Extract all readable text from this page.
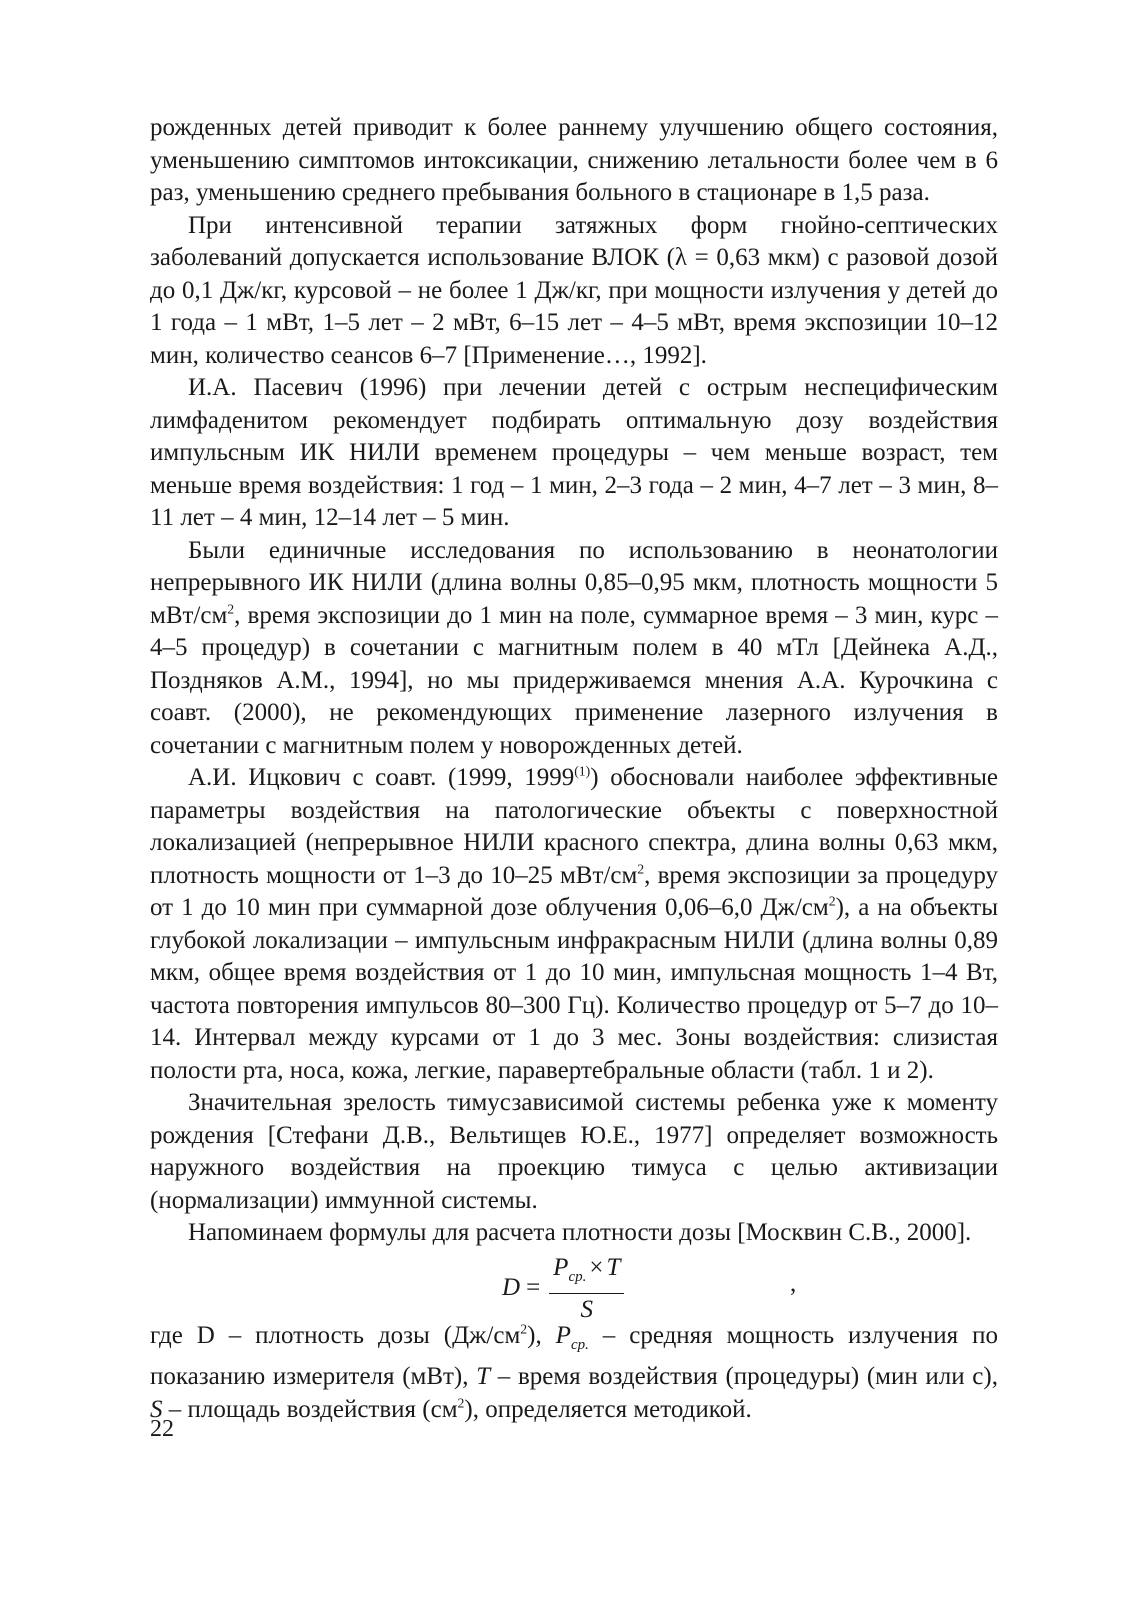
рожденных детей приводит к более раннему улучшению общего состояния, уменьшению симптомов интоксикации, снижению летальности более чем в 6 раз, уменьшению среднего пребывания больного в стационаре в 1,5 раза.

При интенсивной терапии затяжных форм гнойно-септических заболеваний допускается использование ВЛОК (λ = 0,63 мкм) с разовой дозой до 0,1 Дж/кг, курсовой – не более 1 Дж/кг, при мощности излучения у детей до 1 года – 1 мВт, 1–5 лет – 2 мВт, 6–15 лет – 4–5 мВт, время экспозиции 10–12 мин, количество сеансов 6–7 [Применение…, 1992].

И.А. Пасевич (1996) при лечении детей с острым неспецифическим лимфаденитом рекомендует подбирать оптимальную дозу воздействия импульсным ИК НИЛИ временем процедуры – чем меньше возраст, тем меньше время воздействия: 1 год – 1 мин, 2–3 года – 2 мин, 4–7 лет – 3 мин, 8–11 лет – 4 мин, 12–14 лет – 5 мин.

Были единичные исследования по использованию в неонатологии непрерывного ИК НИЛИ (длина волны 0,85–0,95 мкм, плотность мощности 5 мВт/$см^2$, время экспозиции до 1 мин на поле, суммарное время – 3 мин, курс – 4–5 процедур) в сочетании с магнитным полем в 40 мТл [Дейнека А.Д., Поздняков А.М., 1994], но мы придерживаемся мнения А.А. Курочкина с соавт. (2000), не рекомендующих применение лазерного излучения в сочетании с магнитным полем у новорожденных детей.

А.И. Ицкович с соавт. (1999, 1999$^{(1)}$) обосновали наиболее эффективные параметры воздействия на патологические объекты с поверхностной локализацией (непрерывное НИЛИ красного спектра, длина волны 0,63 мкм, плотность мощности от 1–3 до 10–25 мВт/$см^2$, время экспозиции за процедуру от 1 до 10 мин при суммарной дозе облучения 0,06–6,0 $Дж/см^2$), а на объекты глубокой локализации – импульсным инфракрасным НИЛИ (длина волны 0,89 мкм, общее время воздействия от 1 до 10 мин, импульсная мощность 1–4 Вт, частота повторения импульсов 80–300 Гц). Количество процедур от 5–7 до 10–14. Интервал между курсами от 1 до 3 мес. Зоны воздействия: слизистая полости рта, носа, кожа, легкие, паравертебральные области (табл. 1 и 2).

Значительная зрелость тимусзависимой системы ребенка уже к моменту рождения [Стефани Д.В., Вельтищев Ю.Е., 1977] определяет возможность наружного воздействия на проекцию тимуса с целью активизации (нормализации) иммунной системы.

Напоминаем формулы для расчета плотности дозы [Москвин С.В., 2000].

$D = \frac{P_{ср.} \times T}{S}$	,

где D – плотность дозы $(Дж/см^2)$, $P_{ср.}$ – средняя мощность излучения по показанию измерителя (мВт), T – время воздействия (процедуры) (мин или с), S – площадь воздействия $(см^2)$, определяется методикой.

22
